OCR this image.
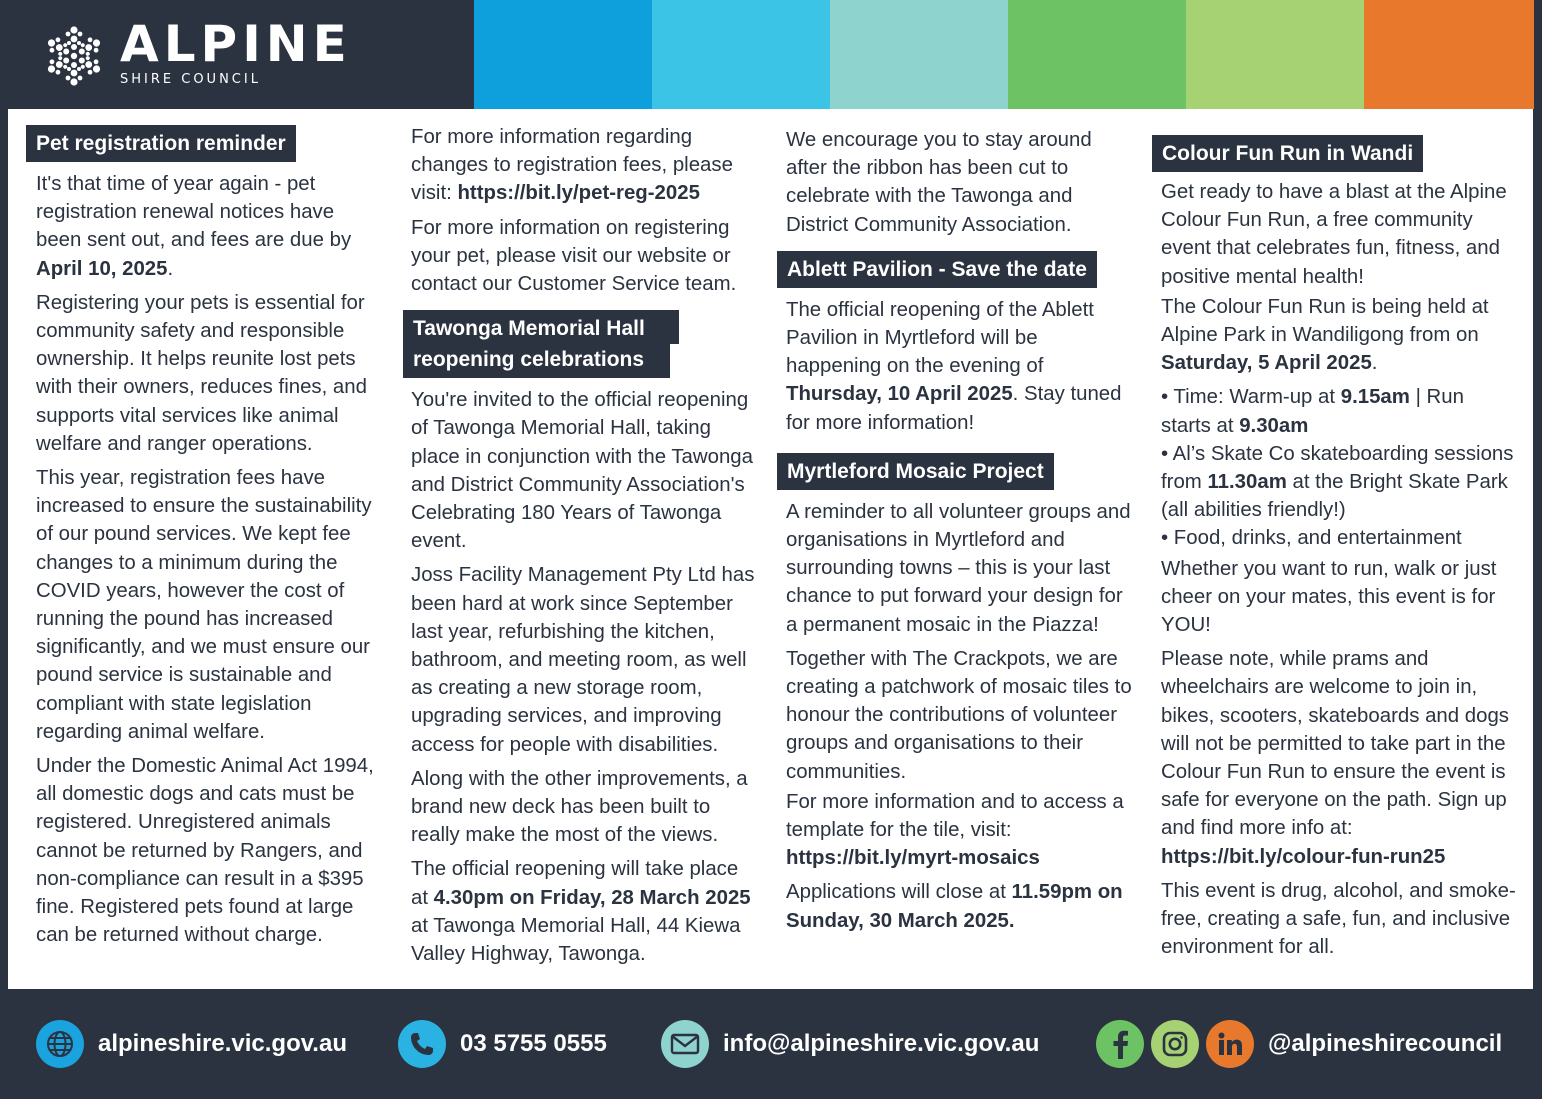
ALPINE
SHIRE COUNCIL
Pet registration reminder
It's that time of year again - pet registration renewal notices have been sent out, and fees are due by April 10, 2025.
Registering your pets is essential for community safety and responsible ownership. It helps reunite lost pets with their owners, reduces fines, and supports vital services like animal welfare and ranger operations.
This year, registration fees have increased to ensure the sustainability of our pound services. We kept fee changes to a minimum during the COVID years, however the cost of running the pound has increased significantly, and we must ensure our pound service is sustainable and compliant with state legislation regarding animal welfare.
Under the Domestic Animal Act 1994, all domestic dogs and cats must be registered. Unregistered animals cannot be returned by Rangers, and non-compliance can result in a $395 fine. Registered pets found at large can be returned without charge.
For more information regarding changes to registration fees, please visit: https://bit.ly/pet-reg-2025
For more information on registering your pet, please visit our website or contact our Customer Service team.
Tawonga Memorial Hall
reopening celebrations
You're invited to the official reopening of Tawonga Memorial Hall, taking place in conjunction with the Tawonga and District Community Association's Celebrating 180 Years of Tawonga event.
Joss Facility Management Pty Ltd has been hard at work since September last year, refurbishing the kitchen, bathroom, and meeting room, as well as creating a new storage room, upgrading services, and improving access for people with disabilities.
Along with the other improvements, a brand new deck has been built to really make the most of the views.
The official reopening will take place at 4.30pm on Friday, 28 March 2025 at Tawonga Memorial Hall, 44 Kiewa Valley Highway, Tawonga.
We encourage you to stay around after the ribbon has been cut to celebrate with the Tawonga and District Community Association.
Ablett Pavilion - Save the date
The official reopening of the Ablett Pavilion in Myrtleford will be happening on the evening of Thursday, 10 April 2025. Stay tuned for more information!
Myrtleford Mosaic Project
A reminder to all volunteer groups and organisations in Myrtleford and surrounding towns – this is your last chance to put forward your design for a permanent mosaic in the Piazza!
Together with The Crackpots, we are creating a patchwork of mosaic tiles to honour the contributions of volunteer groups and organisations to their communities.
For more information and to access a template for the tile, visit: https://bit.ly/myrt-mosaics
Applications will close at 11.59pm on Sunday, 30 March 2025.
Colour Fun Run in Wandi
Get ready to have a blast at the Alpine Colour Fun Run, a free community event that celebrates fun, fitness, and positive mental health!
The Colour Fun Run is being held at Alpine Park in Wandiligong from on Saturday, 5 April 2025.
• Time: Warm-up at 9.15am | Run starts at 9.30am
• Al’s Skate Co skateboarding sessions from 11.30am at the Bright Skate Park (all abilities friendly!)
• Food, drinks, and entertainment
Whether you want to run, walk or just cheer on your mates, this event is for YOU!
Please note, while prams and wheelchairs are welcome to join in, bikes, scooters, skateboards and dogs will not be permitted to take part in the Colour Fun Run to ensure the event is safe for everyone on the path. Sign up and find more info at: https://bit.ly/colour-fun-run25
This event is drug, alcohol, and smoke-free, creating a safe, fun, and inclusive environment for all.
alpineshire.vic.gov.au	03 5755 0555	info@alpineshire.vic.gov.au	@alpineshirecouncil
